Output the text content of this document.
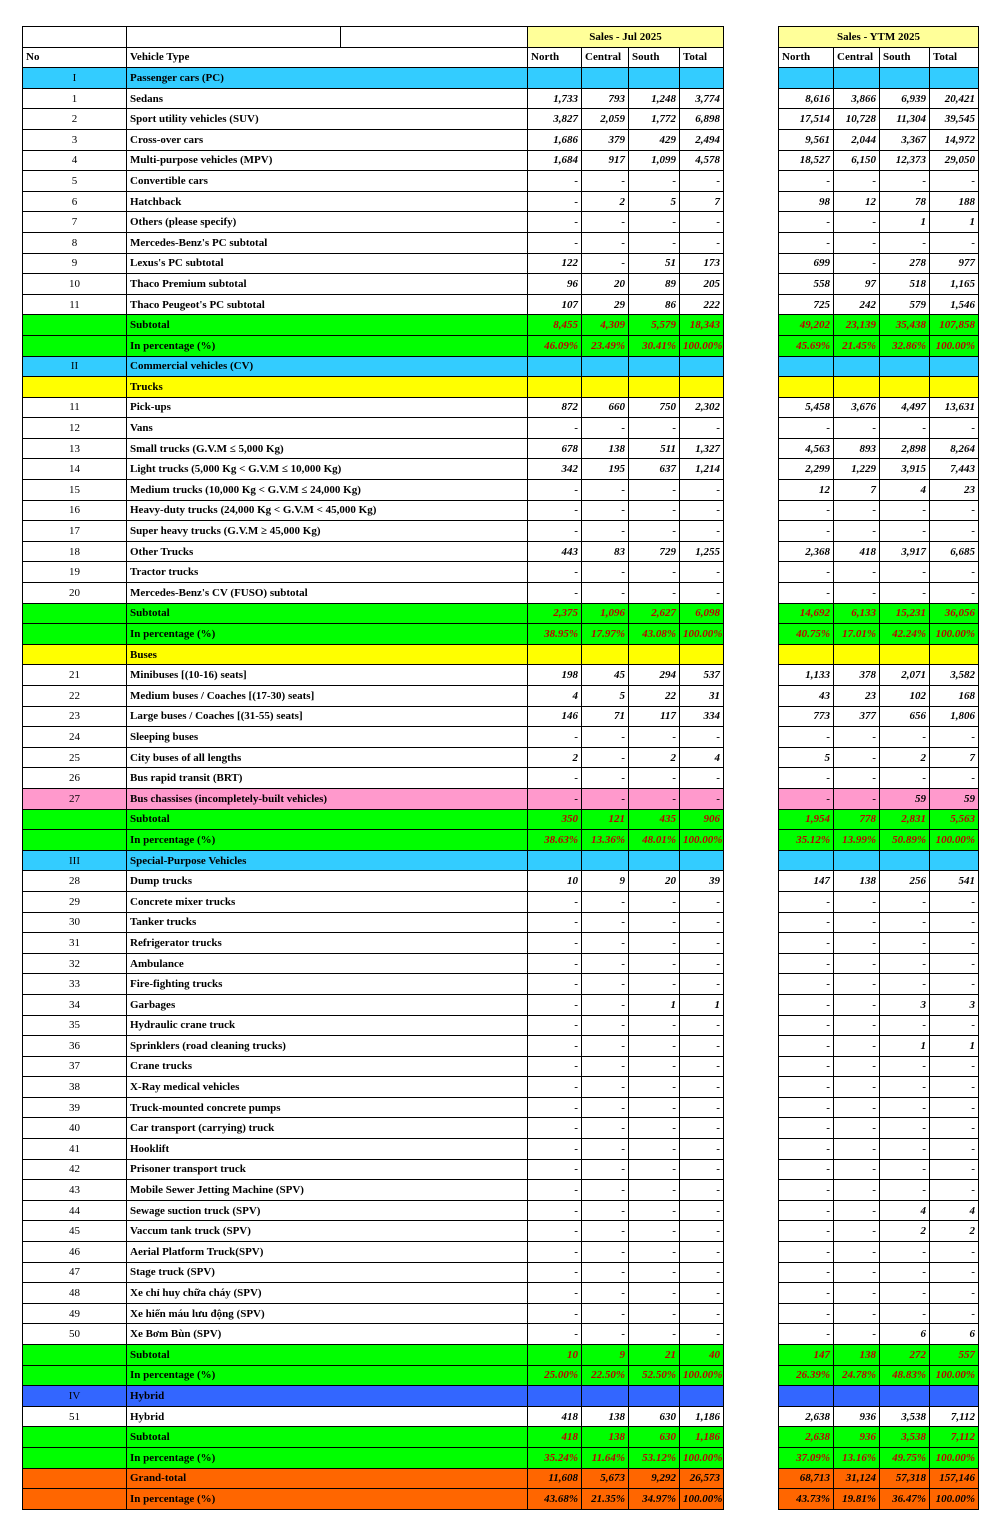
			Sales - Jul 2025					Sales - YTM 2025			
No	Vehicle Type		North	Central	South	Total		North	Central	South	Total
I	Passenger cars (PC)										
1	Sedans		1,733	793	1,248	3,774		8,616	3,866	6,939	20,421
2	Sport utility vehicles (SUV)		3,827	2,059	1,772	6,898		17,514	10,728	11,304	39,545
3	Cross-over cars		1,686	379	429	2,494		9,561	2,044	3,367	14,972
4	Multi-purpose vehicles (MPV)		1,684	917	1,099	4,578		18,527	6,150	12,373	29,050
5	Convertible cars		-	-	-	-		-	-	-	-
6	Hatchback		-	2	5	7		98	12	78	188
7	Others (please specify)		-	-	-	-		-	-	1	1
8	Mercedes-Benz's PC subtotal		-	-	-	-		-	-	-	-
9	Lexus's PC subtotal		122	-	51	173		699	-	278	977
10	Thaco Premium subtotal		96	20	89	205		558	97	518	1,165
11	Thaco Peugeot's PC subtotal		107	29	86	222		725	242	579	1,546
	Subtotal		8,455	4,309	5,579	18,343		49,202	23,139	35,438	107,858
	In percentage (%)		46.09%	23.49%	30.41%	100.00%		45.69%	21.45%	32.86%	100.00%
II	Commercial vehicles (CV)										
	Trucks										
11	Pick-ups		872	660	750	2,302		5,458	3,676	4,497	13,631
12	Vans		-	-	-	-		-	-	-	-
13	Small trucks (G.V.M ≤ 5,000 Kg)		678	138	511	1,327		4,563	893	2,898	8,264
14	Light trucks (5,000 Kg < G.V.M ≤ 10,000 Kg)		342	195	637	1,214		2,299	1,229	3,915	7,443
15	Medium trucks (10,000 Kg < G.V.M ≤ 24,000 Kg)		-	-	-	-		12	7	4	23
16	Heavy-duty trucks (24,000 Kg < G.V.M < 45,000 Kg)		-	-	-	-		-	-	-	-
17	Super heavy trucks (G.V.M ≥ 45,000 Kg)		-	-	-	-		-	-	-	-
18	Other Trucks		443	83	729	1,255		2,368	418	3,917	6,685
19	Tractor trucks		-	-	-	-		-	-	-	-
20	Mercedes-Benz's CV (FUSO) subtotal		-	-	-	-		-	-	-	-
	Subtotal		2,375	1,096	2,627	6,098		14,692	6,133	15,231	36,056
	In percentage (%)		38.95%	17.97%	43.08%	100.00%		40.75%	17.01%	42.24%	100.00%
	Buses										
21	Minibuses [(10-16) seats]		198	45	294	537		1,133	378	2,071	3,582
22	Medium buses / Coaches [(17-30) seats]		4	5	22	31		43	23	102	168
23	Large buses / Coaches [(31-55) seats]		146	71	117	334		773	377	656	1,806
24	Sleeping buses		-	-	-	-		-	-	-	-
25	City buses of all lengths		2	-	2	4		5	-	2	7
26	Bus rapid transit (BRT)		-	-	-	-		-	-	-	-
27	Bus chassises (incompletely-built vehicles)		-	-	-	-		-	-	59	59
	Subtotal		350	121	435	906		1,954	778	2,831	5,563
	In percentage (%)		38.63%	13.36%	48.01%	100.00%		35.12%	13.99%	50.89%	100.00%
III	Special-Purpose Vehicles										
28	Dump trucks		10	9	20	39		147	138	256	541
29	Concrete mixer trucks		-	-	-	-		-	-	-	-
30	Tanker trucks		-	-	-	-		-	-	-	-
31	Refrigerator trucks		-	-	-	-		-	-	-	-
32	Ambulance		-	-	-	-		-	-	-	-
33	Fire-fighting trucks		-	-	-	-		-	-	-	-
34	Garbages		-	-	1	1		-	-	3	3
35	Hydraulic crane truck		-	-	-	-		-	-	-	-
36	Sprinklers (road cleaning trucks)		-	-	-	-		-	-	1	1
37	Crane trucks		-	-	-	-		-	-	-	-
38	X-Ray medical vehicles		-	-	-	-		-	-	-	-
39	Truck-mounted concrete pumps		-	-	-	-		-	-	-	-
40	Car transport (carrying) truck		-	-	-	-		-	-	-	-
41	Hooklift		-	-	-	-		-	-	-	-
42	Prisoner transport truck		-	-	-	-		-	-	-	-
43	Mobile Sewer Jetting Machine (SPV)		-	-	-	-		-	-	-	-
44	Sewage suction truck (SPV)		-	-	-	-		-	-	4	4
45	Vaccum tank truck (SPV)		-	-	-	-		-	-	2	2
46	Aerial Platform Truck(SPV)		-	-	-	-		-	-	-	-
47	Stage truck (SPV)		-	-	-	-		-	-	-	-
48	Xe chỉ huy chữa cháy (SPV)		-	-	-	-		-	-	-	-
49	Xe hiến máu lưu động (SPV)		-	-	-	-		-	-	-	-
50	Xe Bơm Bùn (SPV)		-	-	-	-		-	-	6	6
	Subtotal		10	9	21	40		147	138	272	557
	In percentage (%)		25.00%	22.50%	52.50%	100.00%		26.39%	24.78%	48.83%	100.00%
IV	Hybrid										
51	Hybrid		418	138	630	1,186		2,638	936	3,538	7,112
	Subtotal		418	138	630	1,186		2,638	936	3,538	7,112
	In percentage (%)		35.24%	11.64%	53.12%	100.00%		37.09%	13.16%	49.75%	100.00%
	Grand-total		11,608	5,673	9,292	26,573		68,713	31,124	57,318	157,146
	In percentage (%)		43.68%	21.35%	34.97%	100.00%		43.73%	19.81%	36.47%	100.00%
